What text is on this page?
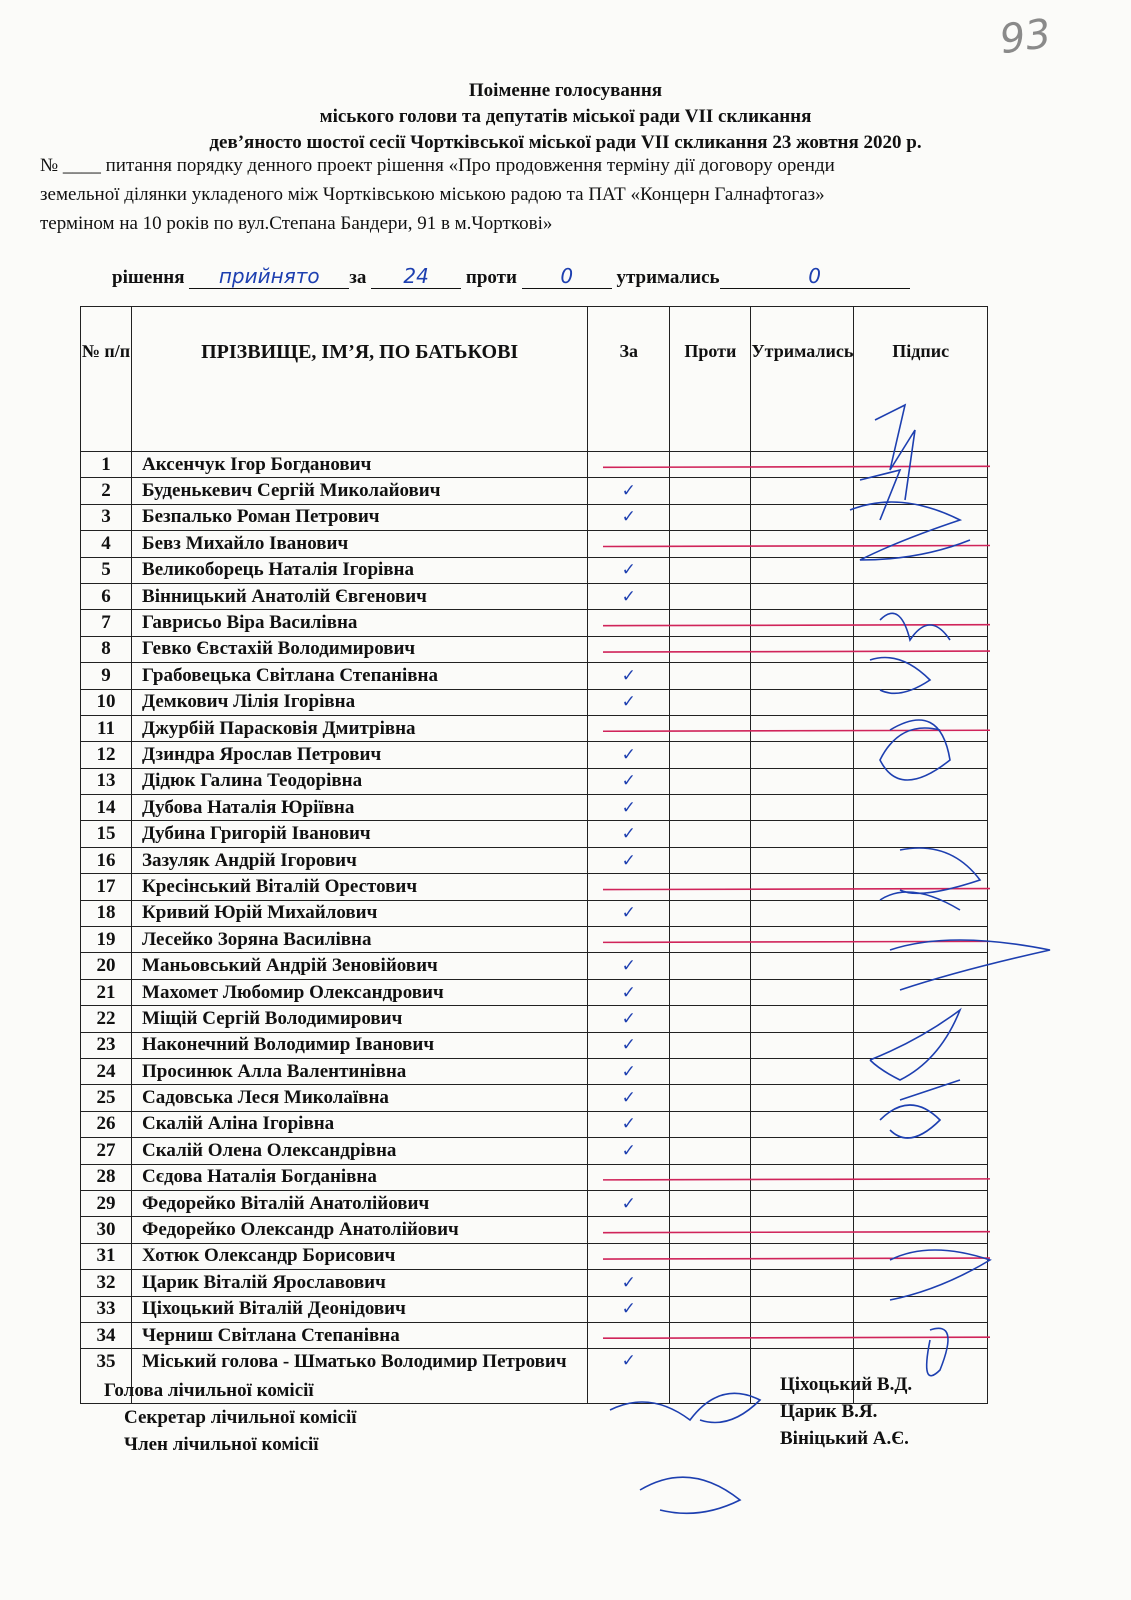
93
Поіменне голосування
міського голови та депутатів міської ради VII скликання
дев’яносто шостої сесії Чортківської міської ради VII скликання 23 жовтня 2020 р.
№ ____ питання порядку денного проект рішення «Про продовження терміну дії договору оренди
земельної ділянки укладеного між Чортківською міською радою та ПАТ «Концерн Галнафтогаз»
терміном на 10 років по вул.Степана Бандери, 91 в м.Чорткові»
рішення прийнято за 24 проти 0 утримались	0
№ п/п	ПРІЗВИЩЕ, ІМ’Я, ПО БАТЬКОВІ	За	Проти	Утримались	Підпис
1	Аксенчук Ігор Богданович				
2	Буденькевич Сергій Миколайович	✓			
3	Безпалько Роман Петрович	✓			
4	Бевз Михайло Іванович				
5	Великоборець Наталія Ігорівна	✓			
6	Вінницький Анатолій Євгенович	✓			
7	Гаврисьо Віра Василівна				
8	Гевко Євстахій Володимирович				
9	Грабовецька Світлана Степанівна	✓			
10	Демкович Лілія Ігорівна	✓			
11	Джурбій Парасковія Дмитрівна				
12	Дзиндра Ярослав Петрович	✓			
13	Дідюк Галина Теодорівна	✓			
14	Дубова Наталія Юріївна	✓			
15	Дубина Григорій Іванович	✓			
16	Зазуляк Андрій Ігорович	✓			
17	Кресінський Віталій Орестович				
18	Кривий Юрій Михайлович	✓			
19	Лесейко Зоряна Василівна				
20	Маньовський Андрій Зеновійович	✓			
21	Махомет Любомир Олександрович	✓			
22	Міщій Сергій Володимирович	✓			
23	Наконечний Володимир Іванович	✓			
24	Просинюк Алла Валентинівна	✓			
25	Садовська Леся Миколаївна	✓			
26	Скалій Аліна Ігорівна	✓			
27	Скалій Олена Олександрівна	✓			
28	Сєдова Наталія Богданівна				
29	Федорейко Віталій Анатолійович	✓			
30	Федорейко Олександр Анатолійович				
31	Хотюк Олександр Борисович				
32	Царик Віталій Ярославович	✓			
33	Ціхоцький Віталій Деонідович	✓			
34	Черниш Світлана Степанівна				
35	Міський голова - Шматько Володимир Петрович	✓			
Голова лічильної комісії
Секретар лічильної комісії
Член лічильної комісії
Ціхоцький В.Д.
Царик В.Я.
Вініцький А.Є.
